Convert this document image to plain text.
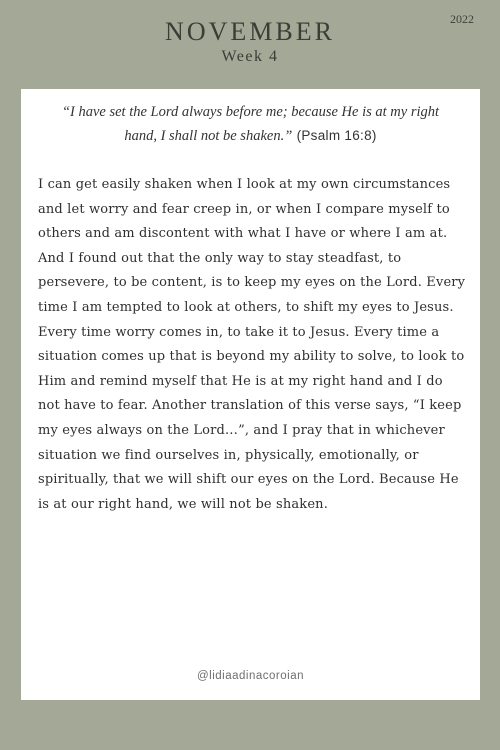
2022
NOVEMBER
Week 4
“I have set the Lord always before me; because He is at my right hand, I shall not be shaken.” (Psalm 16:8)

I can get easily shaken when I look at my own circumstances and let worry and fear creep in, or when I compare myself to others and am discontent with what I have or where I am at. And I found out that the only way to stay steadfast, to persevere, to be content, is to keep my eyes on the Lord. Every time I am tempted to look at others, to shift my eyes to Jesus. Every time worry comes in, to take it to Jesus. Every time a situation comes up that is beyond my ability to solve, to look to Him and remind myself that He is at my right hand and I do not have to fear. Another translation of this verse says, “I keep my eyes always on the Lord…”, and I pray that in whichever situation we find ourselves in, physically, emotionally, or spiritually, that we will shift our eyes on the Lord. Because He is at our right hand, we will not be shaken.

@lidiaadinacoroian
